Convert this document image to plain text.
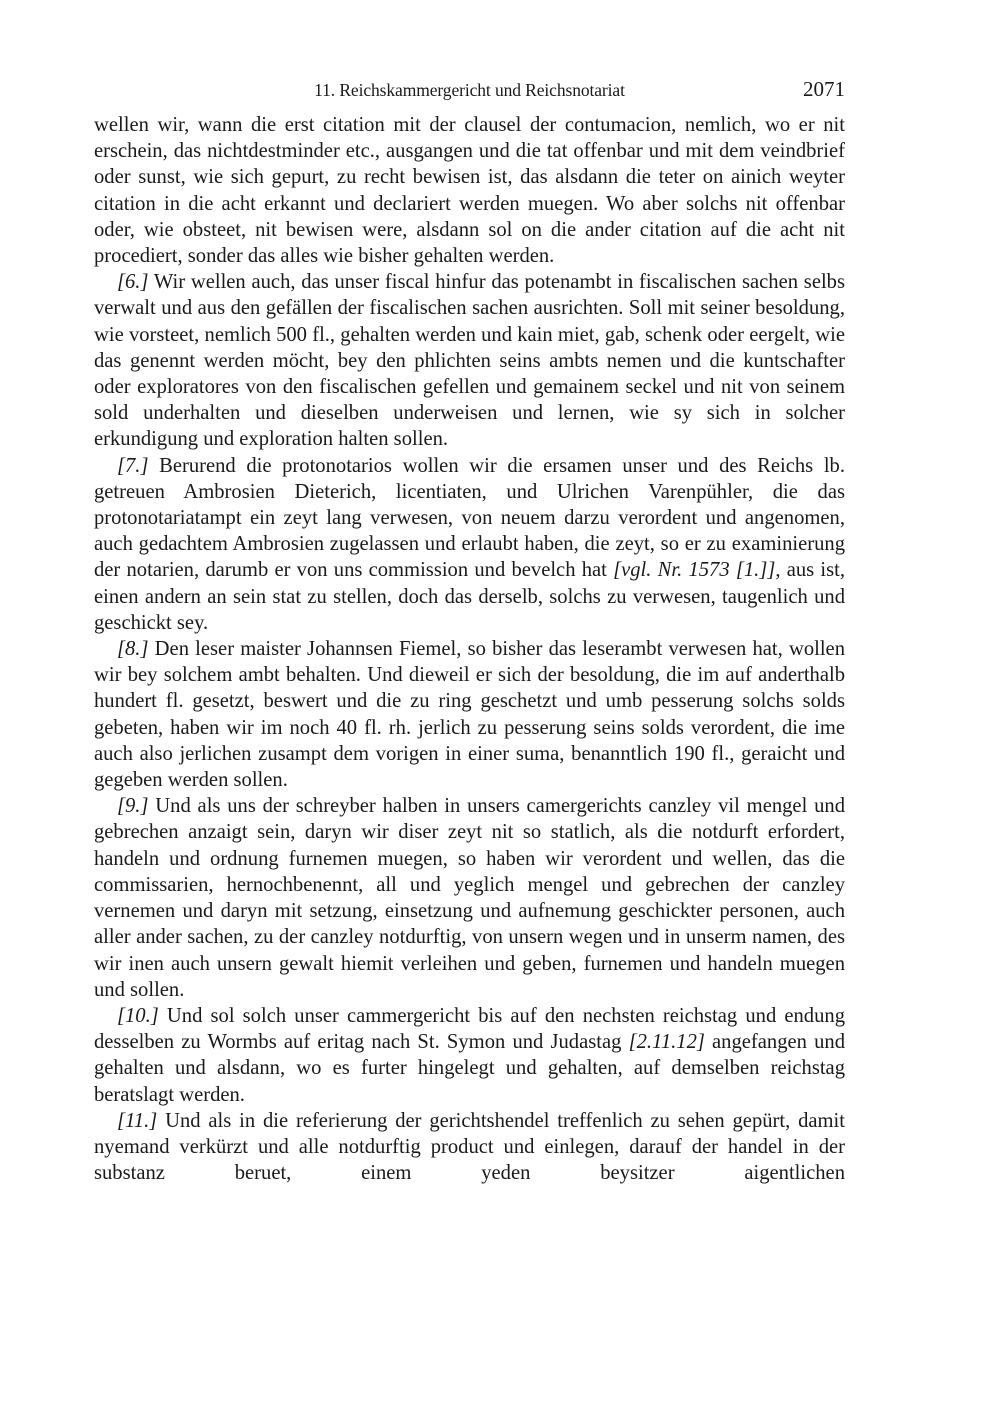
11. Reichskammergericht und Reichsnotariat	2071

wellen wir, wann die erst citation mit der clausel der contumacion, nemlich, wo er nit erschein, das nichtdestminder etc., ausgangen und die tat offenbar und mit dem veindbrief oder sunst, wie sich gepurt, zu recht bewisen ist, das alsdann die teter on ainich weyter citation in die acht erkannt und declariert werden muegen. Wo aber solchs nit offenbar oder, wie obsteet, nit bewisen were, alsdann sol on die ander citation auf die acht nit procediert, sonder das alles wie bisher gehalten werden.

[6.] Wir wellen auch, das unser fiscal hinfur das potenambt in fiscalischen sachen selbs verwalt und aus den gefällen der fiscalischen sachen ausrichten. Soll mit seiner besoldung, wie vorsteet, nemlich 500 fl., gehalten werden und kain miet, gab, schenk oder eergelt, wie das genennt werden möcht, bey den phlichten seins ambts nemen und die kuntschafter oder exploratores von den fiscalischen gefellen und gemainem seckel und nit von seinem sold underhalten und dieselben underweisen und lernen, wie sy sich in solcher erkundigung und exploration halten sollen.

[7.] Berurend die protonotarios wollen wir die ersamen unser und des Reichs lb. getreuen Ambrosien Dieterich, licentiaten, und Ulrichen Varenpühler, die das protonotariatampt ein zeyt lang verwesen, von neuem darzu verordent und angenomen, auch gedachtem Ambrosien zugelassen und erlaubt haben, die zeyt, so er zu examinierung der notarien, darumb er von uns commission und bevelch hat [vgl. Nr. 1573 [1.]], aus ist, einen andern an sein stat zu stellen, doch das derselb, solchs zu verwesen, taugenlich und geschickt sey.

[8.] Den leser maister Johannsen Fiemel, so bisher das leserambt verwesen hat, wollen wir bey solchem ambt behalten. Und dieweil er sich der besoldung, die im auf anderthalb hundert fl. gesetzt, beswert und die zu ring geschetzt und umb pesserung solchs solds gebeten, haben wir im noch 40 fl. rh. jerlich zu pesserung seins solds verordent, die ime auch also jerlichen zusampt dem vorigen in einer suma, benanntlich 190 fl., geraicht und gegeben werden sollen.

[9.] Und als uns der schreyber halben in unsers camergerichts canzley vil mengel und gebrechen anzaigt sein, daryn wir diser zeyt nit so statlich, als die notdurft erfordert, handeln und ordnung furnemen muegen, so haben wir verordent und wellen, das die commissarien, hernochbenennt, all und yeglich mengel und gebrechen der canzley vernemen und daryn mit setzung, einsetzung und aufnemung geschickter personen, auch aller ander sachen, zu der canzley notdurftig, von unsern wegen und in unserm namen, des wir inen auch unsern gewalt hiemit verleihen und geben, furnemen und handeln muegen und sollen.

[10.] Und sol solch unser cammergericht bis auf den nechsten reichstag und endung desselben zu Wormbs auf eritag nach St. Symon und Judastag [2.11.12] angefangen und gehalten und alsdann, wo es furter hingelegt und gehalten, auf demselben reichstag beratslagt werden.

[11.] Und als in die referierung der gerichtshendel treffenlich zu sehen gepürt, damit nyemand verkürzt und alle notdurftig product und einlegen, darauf der handel in der substanz beruet, einem yeden beysitzer aigentlichen
